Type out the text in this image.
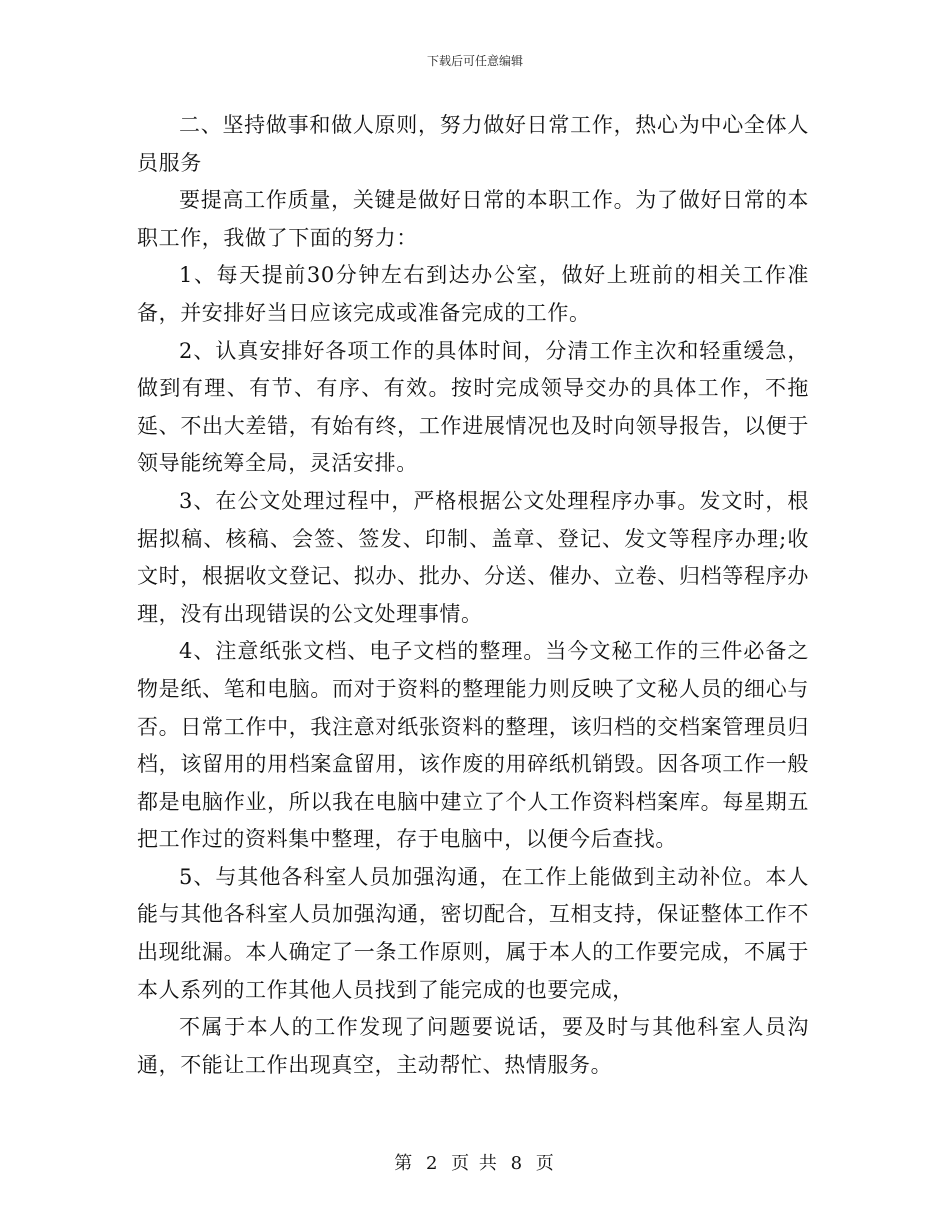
下载后可任意编辑

二、坚持做事和做人原则，努力做好日常工作，热心为中心全体人员服务

要提高工作质量，关键是做好日常的本职工作。为了做好日常的本职工作，我做了下面的努力：

1、每天提前30分钟左右到达办公室，做好上班前的相关工作准备，并安排好当日应该完成或准备完成的工作。

2、认真安排好各项工作的具体时间，分清工作主次和轻重缓急，做到有理、有节、有序、有效。按时完成领导交办的具体工作，不拖延、不出大差错，有始有终，工作进展情况也及时向领导报告，以便于领导能统筹全局，灵活安排。

3、在公文处理过程中，严格根据公文处理程序办事。发文时，根据拟稿、核稿、会签、签发、印制、盖章、登记、发文等程序办理;收文时，根据收文登记、拟办、批办、分送、催办、立卷、归档等程序办理，没有出现错误的公文处理事情。

4、注意纸张文档、电子文档的整理。当今文秘工作的三件必备之物是纸、笔和电脑。而对于资料的整理能力则反映了文秘人员的细心与否。日常工作中，我注意对纸张资料的整理，该归档的交档案管理员归档，该留用的用档案盒留用，该作废的用碎纸机销毁。因各项工作一般都是电脑作业，所以我在电脑中建立了个人工作资料档案库。每星期五把工作过的资料集中整理，存于电脑中，以便今后查找。

5、与其他各科室人员加强沟通，在工作上能做到主动补位。本人能与其他各科室人员加强沟通，密切配合，互相支持，保证整体工作不出现纰漏。本人确定了一条工作原则，属于本人的工作要完成，不属于本人系列的工作其他人员找到了能完成的也要完成，

不属于本人的工作发现了问题要说话，要及时与其他科室人员沟通，不能让工作出现真空，主动帮忙、热情服务。

第 2 页 共 8 页
